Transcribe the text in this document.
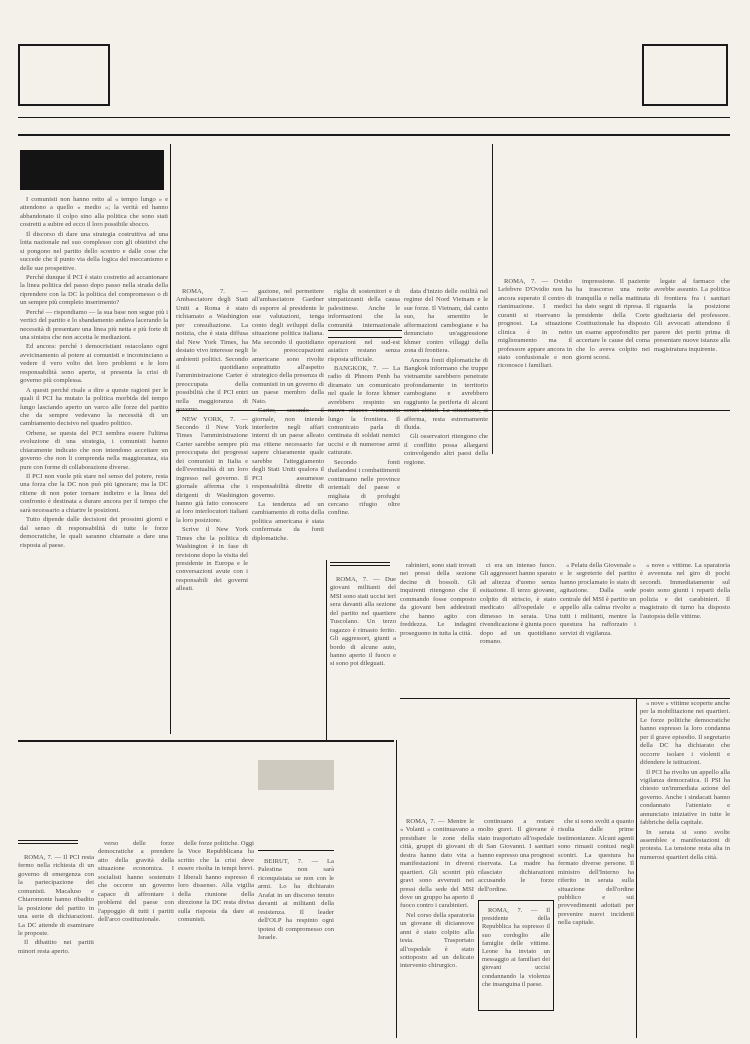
I comunisti non hanno retto al « tempo lungo » e attendono a quello « medio »; la verità ed hanno abbandonato il colpo sino alla politica che sono stati costretti a subire ed ecco il loro possibile sbocco.

Il discorso di dare una strategia costruttiva ad una lotta nazionale nel suo complesso con gli obiettivi che si pongono nel partito dello scontro e dalle cose che succede che il punto via della logica del meccanismo e delle sue prospettive.

Perché dunque il PCI è stato costretto ad accantonare la linea politica del passo dopo passo nella strada della riprendere con la DC la politica del compromesso o di un sempre più completo inserimento?

Perché — rispondiamo — la sua base non segue più i vertici del partito e lo sbandamento andava lacerando la necessità di presentare una linea più netta e più forte di una sinistra che non accetta le mediazioni.

Ed ancora: perché i democristiani ostacolano ogni avvicinamento al potere ai comunisti e incominciano a vedere il vero volto dei loro problemi e le loro responsabilità sono aperte, si presenta la crisi di governo più complessa.

A questi perché risale a dire a queste ragioni per le quali il PCI ha mutato la politica morbida del tempo lungo lasciando aperto un varco alle forze del partito che da sempre vedevano la necessità di un cambiamento decisivo nel quadro politico.

Orbene, se questa del PCI sembra essere l'ultima evoluzione di una strategia, i comunisti hanno chiaramente indicato che non intendono accettare un governo che non li comprenda nella maggioranza, sia pure con forme di collaborazione diverse.

Il PCI non vuole più stare nel senso del potere, resta una forza che la DC non può più ignorare; ma la DC ritiene di non poter tornare indietro e la linea del confronto è destinata a durare ancora per il tempo che sarà necessario a chiarire le posizioni.

Tutto dipende dalle decisioni dei prossimi giorni e dal senso di responsabilità di tutte le forze democratiche, le quali saranno chiamate a dare una risposta al paese.

ROMA, 7. — Ambasciatore degli Stati Uniti a Roma è stato richiamato a Washington per consultazione. La notizia, che è stata diffusa dal New York Times, ha destato vivo interesse negli ambienti politici. Secondo il quotidiano l'amministrazione Carter è preoccupata della possibilità che il PCI entri nella maggioranza di

NEW YORK, 7. — Secondo il New York Times l'amministrazione Carter sarebbe sempre più preoccupata dei progressi dei comunisti in Italia e dell'eventualità di un loro ingresso nel governo. Il giornale afferma che i dirigenti di Washington hanno già fatto conoscere ai loro interlocutori italiani la loro posizione.

Scrive il New York Times che la politica di Washington è in fase di revisione dopo la visita del presidente in Europa e le conversazioni avute con i responsabili dei governi alleati.

gazione, nel permettere all'ambasciatore Gardner di esporre al presidente le sue valutazioni, tenga conto degli sviluppi della situazione politica italiana. Ma secondo il quotidiano le preoccupazioni americane sono rivolte soprattutto all'aspetto strategico della presenza di comunisti in un governo di un paese membro della Nato.

giornale, non intende interferire negli affari interni di un paese alleato ma ritiene necessario far sapere chiaramente quale sarebbe l'atteggiamento degli Stati Uniti qualora il PCI assumesse responsabilità dirette di governo.

La tendenza ad un cambiamento di rotta della politica americana è stata confermata da fonti diplomatiche.

riglia di sostenitori e di simpatizzanti della causa palestinese. Anche le informazioni che la comunità internazionale operazioni nel sud-est asiatico restano senza risposta ufficiale.

BANGKOK, 7. — La radio di Phnom Penh ha diramato un comunicato nel quale le forze khmer avrebbero respinto un lungo la frontiera. Il comunicato parla di centinaia di soldati nemici uccisi e di numerose armi catturate.

Secondo fonti thailandesi i combattimenti continuano nelle province orientali del paese e migliaia di profughi cercano rifugio oltre confine.

data d'inizio delle ostilità nel regime del Nord Vietnam e le sue forze. Il Vietnam, dal canto suo, ha smentito le affermazioni cambogiane e ha denunciato un'aggressione khmer contro villaggi della zona di frontiera.

Ancora fonti diplomatiche di Bangkok informano che truppe vietnamite sarebbero penetrate profondamente in territorio cambogiano e avrebbero raggiunto la periferia di alcuni afferma, resta estremamente fluida.

Gli osservatori ritengono che il conflitto possa allargarsi coinvolgendo altri paesi della regione.

ROMA, 7. — Ovidio Lefebvre D'Ovidio non ha ancora superato il centro di rianimazione. I medici curanti si riservano la prognosi. La situazione clinica è in netto miglioramento ma il professore appare ancora in stato confusionale e non riconosce i familiari.

impressione. Il paziente ha trascorso una notte tranquilla e nella mattinata ha dato segni di ripresa. Il presidente della Corte Costituzionale ha disposto un esame approfondito per accertare le cause del coma che lo aveva colpito nei giorni scorsi.

legate al farmaco che avrebbe assunto. La politica di frontiera fra i sanitari riguarda la posizione giudiziaria del professore. Gli avvocati attendono il parere dei periti prima di presentare nuove istanze alla magistratura inquirente.

ROMA, 7. — Due giovani militanti del MSI sono stati uccisi ieri sera davanti alla sezione del partito nel quartiere Tuscolano. Un terzo ragazzo è rimasto ferito. Gli aggressori, giunti a bordo di alcune auto, hanno aperto il fuoco e si sono poi dileguati.

rabinieri, sono stati trovati nei pressi della sezione decine di bossoli. Gli inquirenti ritengono che il commando fosse composto da giovani ben addestrati che hanno agito con freddezza. Le indagini proseguono in tutta la città.

ci era un intenso fuoco. Gli aggressori hanno sparato ad altezza d'uomo senza esitazione. Il terzo giovane, colpito di striscio, è stato medicato all'ospedale e dimesso in serata. Una rivendicazione è giunta poco dopo ad un quotidiano romano.

« Pelatu della Giovenale » e le segreterie del partito hanno proclamato lo stato di agitazione. Dalla sede centrale del MSI è partito un appello alla calma rivolto a tutti i militanti, mentre la questura ha rafforzato i servizi di vigilanza.

« nove » vittime. La sparatoria è avvenuta nel giro di pochi secondi. Immediatamente sul posto sono giunti i reparti della polizia e dei carabinieri. Il magistrato di turno ha disposto l'autopsia delle vittime.

ROMA, 7. — Mentre le « Volanti » continuavano a presidiare le zone della città, gruppi di giovani di destra hanno dato vita a manifestazioni in diversi quartieri. Gli scontri più gravi sono avvenuti nei pressi della sede del MSI dove un gruppo ha aperto il fuoco contro i carabinieri.

Nel corso della sparatoria un giovane di diciannove anni è stato colpito alla testa. Trasportato all'ospedale è stato sottoposto ad un delicato intervento chirurgico.

continuano a restare molto gravi. Il giovane è stato trasportato all'ospedale di San Giovanni. I sanitari hanno espresso una prognosi riservata. La madre ha rilasciato dichiarazioni accusando le forze dell'ordine.

ROMA, 7. — Il presidente della Repubblica ha espresso il suo cordoglio alle famiglie delle vittime. Leone ha inviato un messaggio ai familiari dei giovani uccisi condannando la violenza che insanguina il paese.

che si sono svolti a quanto risulta dalle prime testimonianze. Alcuni agenti sono rimasti contusi negli scontri. La questura ha fermato diverse persone. Il ministro dell'Interno ha riferito in serata sulla situazione dell'ordine pubblico e sui provvedimenti adottati per prevenire nuovi incidenti nella capitale.

« nove » vittime scoperte anche per la mobilitazione nei quartieri. Le forze politiche democratiche hanno espresso la loro condanna per il grave episodio. Il segretario della DC ha dichiarato che occorre isolare i violenti e difendere le istituzioni.

Il PCI ha rivolto un appello alla vigilanza democratica. Il PSI ha chiesto un'immediata azione del governo. Anche i sindacati hanno condannato l'attentato e annunciato iniziative in tutte le fabbriche della capitale.

In serata si sono svolte assemblee e manifestazioni di protesta. La tensione resta alta in numerosi quartieri della città.

ROMA, 7. — Il PCI resta fermo nella richiesta di un governo di emergenza con la partecipazione dei comunisti. Macaluso e Chiaromonte hanno ribadito la posizione del partito in una serie di dichiarazioni. La DC attende di esaminare le proposte.

Il dibattito nei partiti minori resta aperto.

verso delle forze democratiche a prendere atto della gravità della situazione economica. I socialisti hanno sostenuto che occorre un governo capace di affrontare i problemi del paese con l'appoggio di tutti i partiti dell'arco costituzionale.

delle forze politiche. Oggi la Voce Repubblicana ha scritto che la crisi deve essere risolta in tempi brevi. I liberali hanno espresso il loro dissenso. Alla vigilia della riunione della direzione la DC resta divisa sulla risposta da dare ai comunisti.

BEIRUT, 7. — La Palestina non sarà riconquistata se non con le armi. Lo ha dichiarato Arafat in un discorso tenuto davanti ai militanti della resistenza. Il leader dell'OLP ha respinto ogni ipotesi di compromesso con Israele.
